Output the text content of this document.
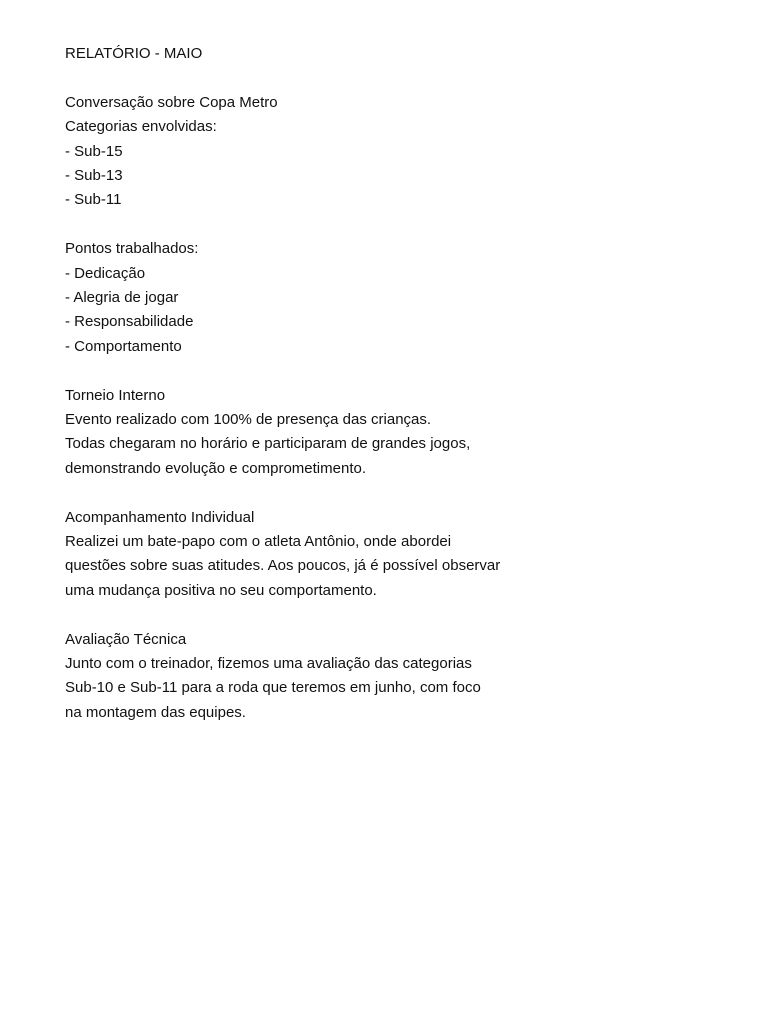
RELATÓRIO - MAIO
Conversação sobre Copa Metro
Categorias envolvidas:
- Sub-15
- Sub-13
- Sub-11
Pontos trabalhados:
- Dedicação
- Alegria de jogar
- Responsabilidade
- Comportamento
Torneio Interno
Evento realizado com 100% de presença das crianças.
Todas chegaram no horário e participaram de grandes jogos,
demonstrando evolução e comprometimento.
Acompanhamento Individual
Realizei um bate-papo com o atleta Antônio, onde abordei
questões sobre suas atitudes. Aos poucos, já é possível observar
uma mudança positiva no seu comportamento.
Avaliação Técnica
Junto com o treinador, fizemos uma avaliação das categorias
Sub-10 e Sub-11 para a roda que teremos em junho, com foco
na montagem das equipes.
